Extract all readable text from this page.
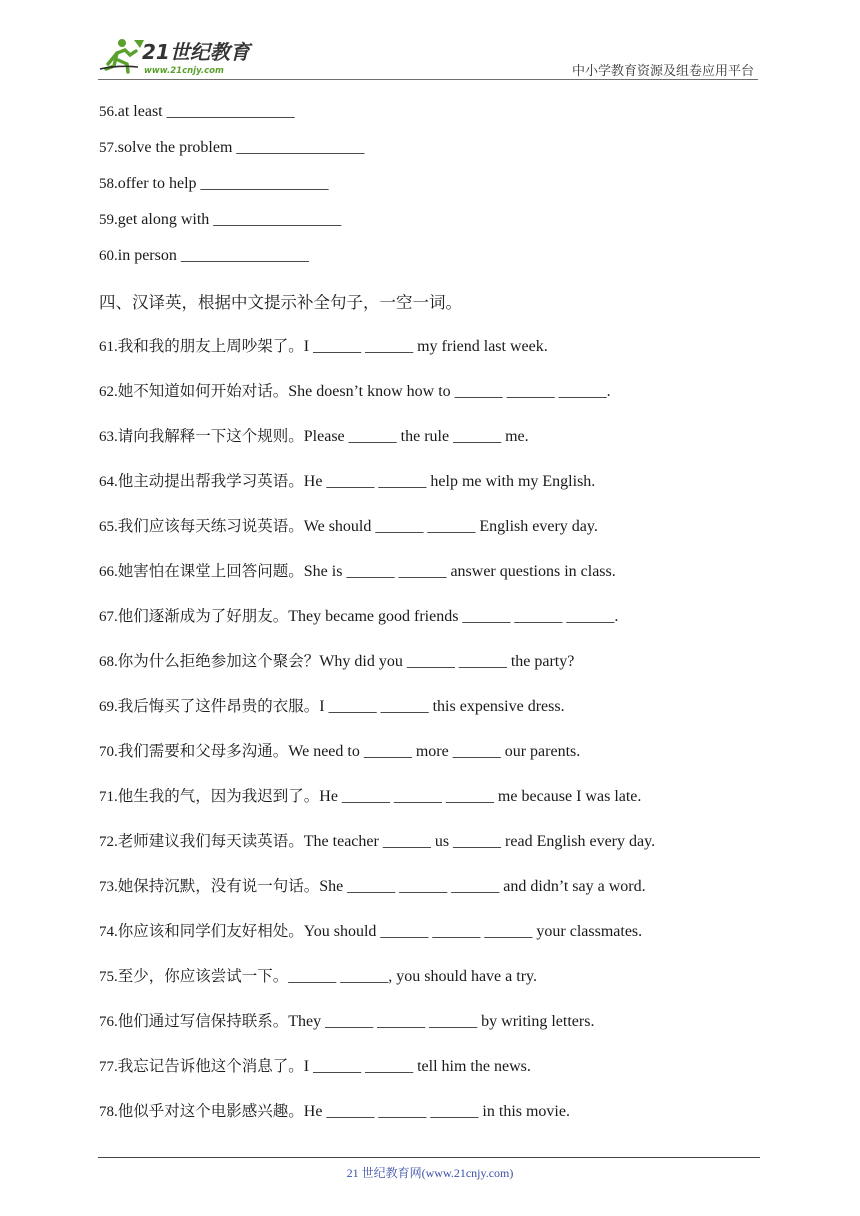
21世纪教育
www.21cnjy.com	中小学教育资源及组卷应用平台
56.at least ________________
57.solve the problem ________________
58.offer to help ________________
59.get along with ________________
60.in person ________________
四、汉译英，根据中文提示补全句子，一空一词。
61.我和我的朋友上周吵架了。I ______ ______ my friend last week.
62.她不知道如何开始对话。She doesn’t know how to ______ ______ ______.
63.请向我解释一下这个规则。Please ______ the rule ______ me.
64.他主动提出帮我学习英语。He ______ ______ help me with my English.
65.我们应该每天练习说英语。We should ______ ______ English every day.
66.她害怕在课堂上回答问题。She is ______ ______ answer questions in class.
67.他们逐渐成为了好朋友。They became good friends ______ ______ ______.
68.你为什么拒绝参加这个聚会？Why did you ______ ______ the party?
69.我后悔买了这件昂贵的衣服。I ______ ______ this expensive dress.
70.我们需要和父母多沟通。We need to ______ more ______ our parents.
71.他生我的气，因为我迟到了。He ______ ______ ______ me because I was late.
72.老师建议我们每天读英语。The teacher ______ us ______ read English every day.
73.她保持沉默，没有说一句话。She ______ ______ ______ and didn’t say a word.
74.你应该和同学们友好相处。You should ______ ______ ______ your classmates.
75.至少，你应该尝试一下。______ ______, you should have a try.
76.他们通过写信保持联系。They ______ ______ ______ by writing letters.
77.我忘记告诉他这个消息了。I ______ ______ tell him the news.
78.他似乎对这个电影感兴趣。He ______ ______ ______ in this movie.
21 世纪教育网(www.21cnjy.com)
